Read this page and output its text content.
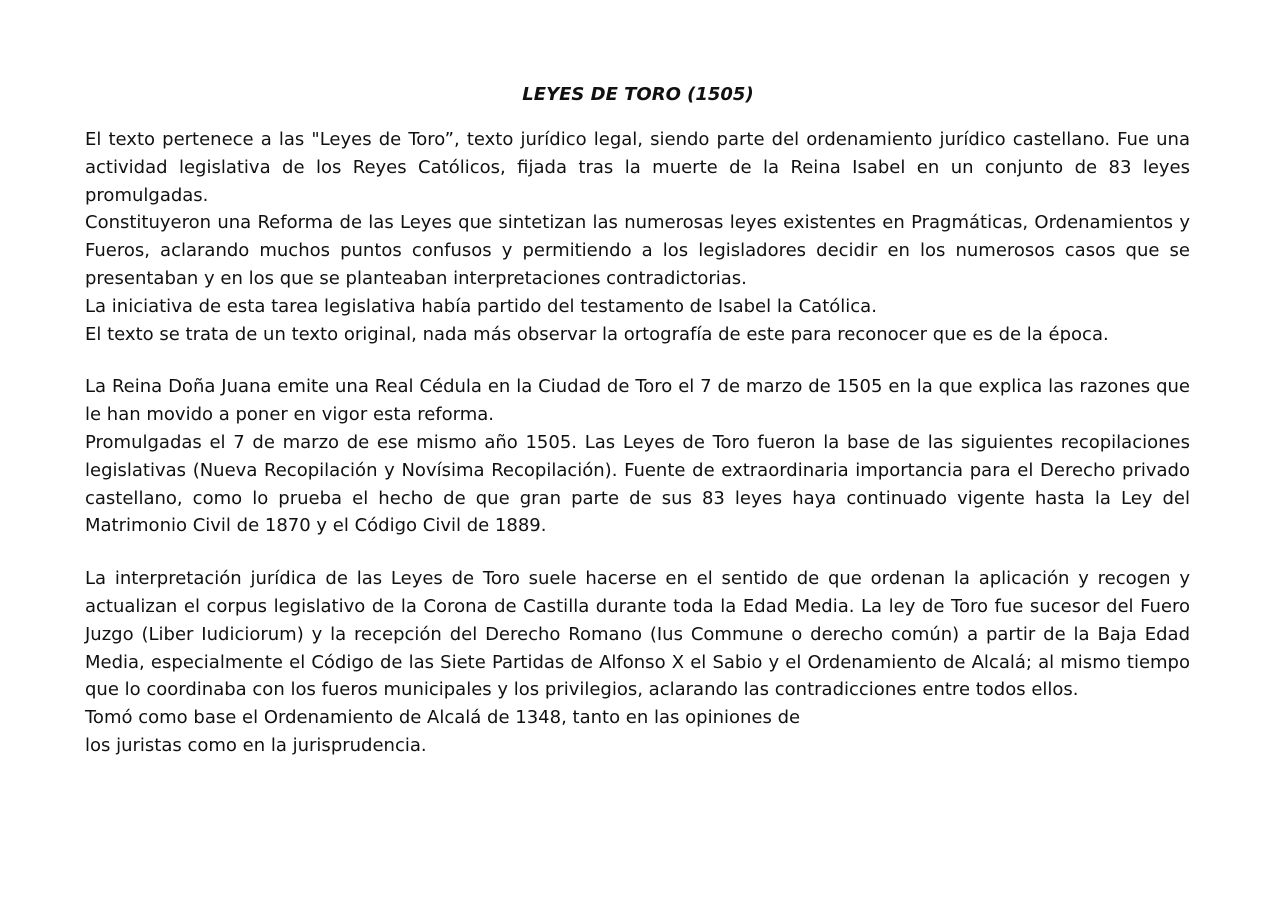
LEYES DE TORO (1505)

El texto pertenece a las "Leyes de Toro”, texto jurídico legal, siendo parte del ordenamiento jurídico castellano. Fue una actividad legislativa de los Reyes Católicos, fijada tras la muerte de la Reina Isabel en un conjunto de 83 leyes promulgadas.

Constituyeron una Reforma de las Leyes que sintetizan las numerosas leyes existentes en Pragmáticas, Ordenamientos y Fueros, aclarando muchos puntos confusos y permitiendo a los legisladores decidir en los numerosos casos que se presentaban y en los que se planteaban interpretaciones contradictorias.

La iniciativa de esta tarea legislativa había partido del testamento de Isabel la Católica.

El texto se trata de un texto original, nada más observar la ortografía de este para reconocer que es de la época.

La Reina Doña Juana emite una Real Cédula en la Ciudad de Toro el 7 de marzo de 1505 en la que explica las razones que le han movido a poner en vigor esta reforma.

Promulgadas el 7 de marzo de ese mismo año 1505. Las Leyes de Toro fueron la base de las siguientes recopilaciones legislativas (Nueva Recopilación y Novísima Recopilación). Fuente de extraordinaria importancia para el Derecho privado castellano, como lo prueba el hecho de que gran parte de sus 83 leyes haya continuado vigente hasta la Ley del Matrimonio Civil de 1870 y el Código Civil de 1889.

La interpretación jurídica de las Leyes de Toro suele hacerse en el sentido de que ordenan la aplicación y recogen y actualizan el corpus legislativo de la Corona de Castilla durante toda la Edad Media. La ley de Toro fue sucesor del Fuero Juzgo (Liber Iudiciorum) y la recepción del Derecho Romano (Ius Commune o derecho común) a partir de la Baja Edad Media, especialmente el Código de las Siete Partidas de Alfonso X el Sabio y el Ordenamiento de Alcalá; al mismo tiempo que lo coordinaba con los fueros municipales y los privilegios, aclarando las contradicciones entre todos ellos.

Tomó como base el Ordenamiento de Alcalá de 1348, tanto en las opiniones de

los juristas como en la jurisprudencia.
